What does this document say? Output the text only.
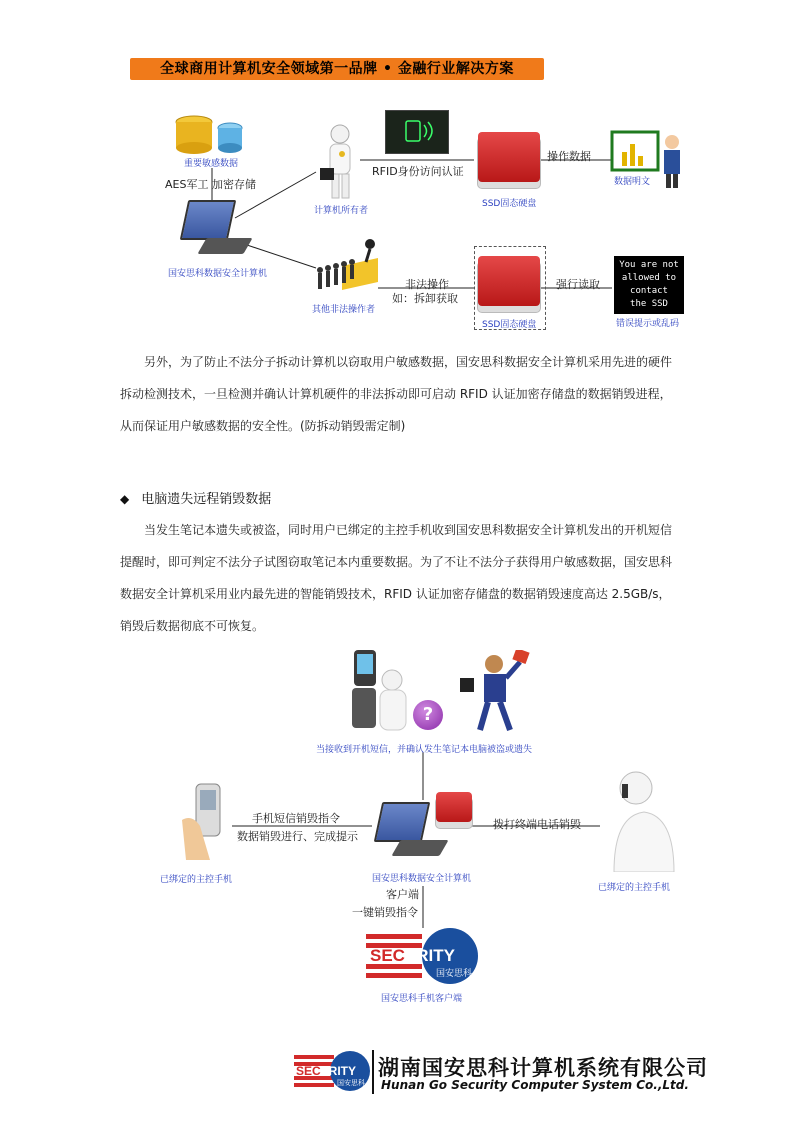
全球商用计算机安全领域第一品牌 • 金融行业解决方案
重要敏感数据
AES军工 加密存储
国安思科数据安全计算机
计算机所有者
RFID身份访问认证
SSD固态硬盘
操作数据
数据明文
其他非法操作者
非法操作
如：拆卸获取
SSD固态硬盘
强行读取
You are not
allowed to
contact
the SSD
错误提示或乱码

另外，为了防止不法分子拆动计算机以窃取用户敏感数据，国安思科数据安全计算机采用先进的硬件拆动检测技术，一旦检测并确认计算机硬件的非法拆动即可启动 RFID 认证加密存储盘的数据销毁进程，从而保证用户敏感数据的安全性。(防拆动销毁需定制)

◆ 电脑遗失远程销毁数据

当发生笔记本遗失或被盗，同时用户已绑定的主控手机收到国安思科数据安全计算机发出的开机短信提醒时，即可判定不法分子试图窃取笔记本内重要数据。为了不让不法分子获得用户敏感数据，国安思科数据安全计算机采用业内最先进的智能销毁技术，RFID 认证加密存储盘的数据销毁速度高达 2.5GB/s，销毁后数据彻底不可恢复。

?
当接收到开机短信，并确认发生笔记本电脑被盗或遗失
已绑定的主控手机
手机短信销毁指令
数据销毁进行、完成提示
国安思科数据安全计算机
拨打终端电话销毁
已绑定的主控手机
客户端
一键销毁指令
SEC URITY
国安思科
国安思科手机客户端
SEC URITY
国安思科
湖南国安思科计算机系统有限公司
Hunan Go Security Computer System Co.,Ltd.
